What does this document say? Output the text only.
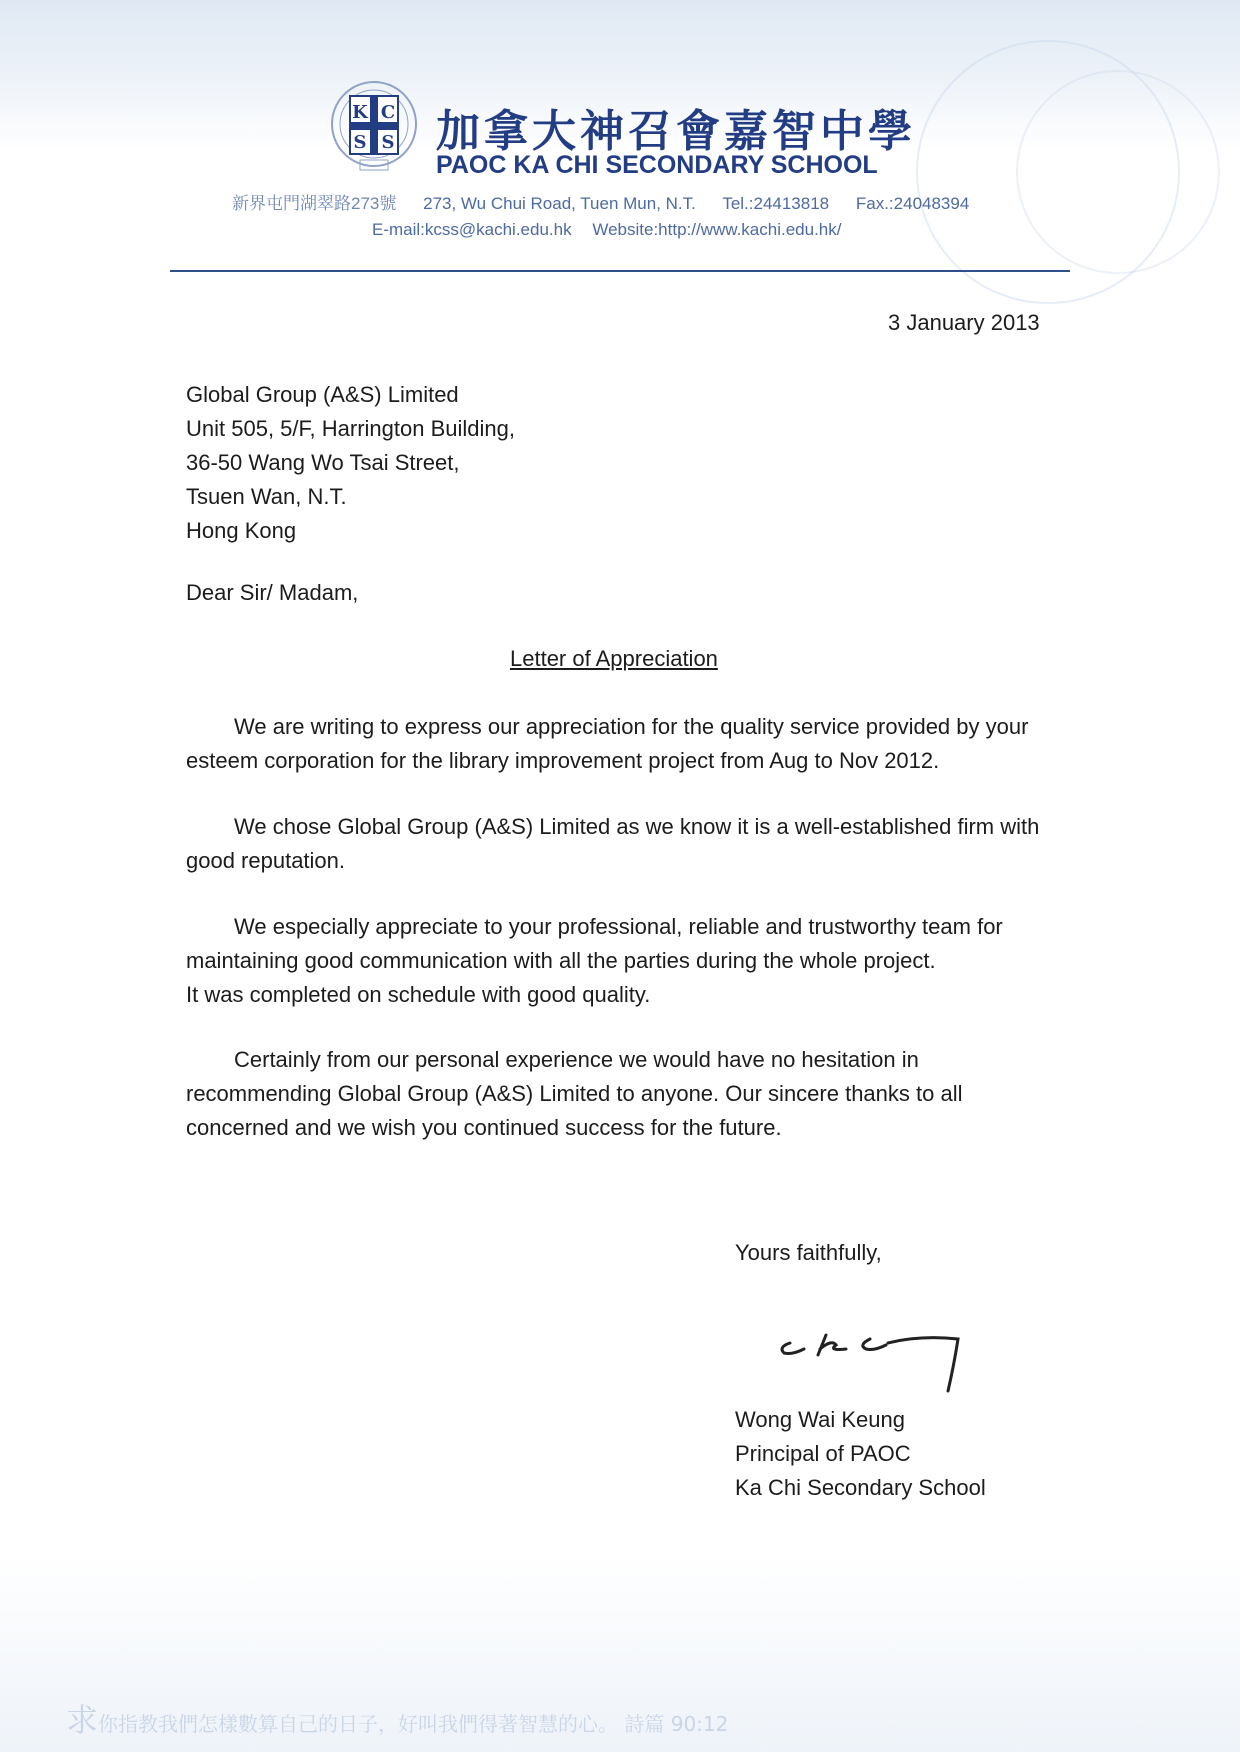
K C
S S 加拿大神召會嘉智中學
PAOC KA CHI SECONDARY SCHOOL
新界屯門湖翠路273號 273, Wu Chui Road, Tuen Mun, N.T. Tel.:24413818 Fax.:24048394
E-mail:kcss@kachi.edu.hk Website:http://www.kachi.edu.hk/
3 January 2013
Global Group (A&S) Limited
Unit 505, 5/F, Harrington Building,
36-50 Wang Wo Tsai Street,
Tsuen Wan, N.T.
Hong Kong
Dear Sir/ Madam,
Letter of Appreciation
We are writing to express our appreciation for the quality service provided by your esteem corporation for the library improvement project from Aug to Nov 2012.
We chose Global Group (A&S) Limited as we know it is a well-established firm with good reputation.
We especially appreciate to your professional, reliable and trustworthy team for maintaining good communication with all the parties during the whole project.
It was completed on schedule with good quality.
Certainly from our personal experience we would have no hesitation in recommending Global Group (A&S) Limited to anyone. Our sincere thanks to all concerned and we wish you continued success for the future.
Yours faithfully,
Wong Wai Keung
Principal of PAOC
Ka Chi Secondary School
求你指教我們怎樣數算自己的日子，好叫我們得著智慧的心。 詩篇 90:12
